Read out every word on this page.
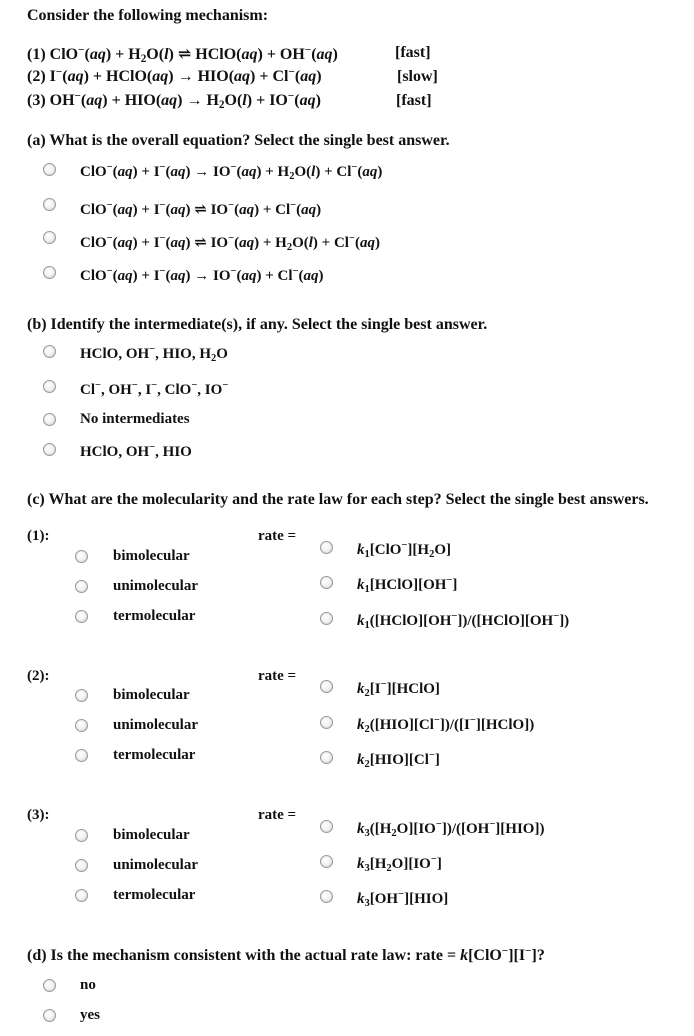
Consider the following mechanism:
(1) $ClO^-(aq) + H_2O(l)$ ⇌ HClO(aq) + OH−(aq)	[fast]
(2) I−(aq) + HClO(aq) → HIO(aq) + Cl−(aq)	[slow]
(3) $OH^-(aq) + HIO(aq) \to H_2O(l) + IO^-(aq)$	[fast]
(a) What is the overall equation? Select the single best answer.
$ClO^-(aq) + I^-(aq) \to IO^-(aq) + H_2O(l) + Cl^-(aq)$
ClO−(aq) + I−(aq) ⇌ IO−(aq) + Cl−(aq)
ClO−(aq) + I−(aq) ⇌ $IO^-(aq) + H_2O(l) + Cl^-(aq)$
ClO−(aq) + I−(aq) → IO−(aq) + Cl−(aq)
(b) Identify the intermediate(s), if any. Select the single best answer.
HClO, OH−, HIO, $H_2O$
Cl−, OH−, I−, ClO−, IO−
No intermediates
HClO, OH−, HIO
(c) What are the molecularity and the rate law for each step? Select the single best answers.
(1):	rate =
bimolecular
unimolecular
termolecular
$k_1[ClO^-][H_2O]$
$k_1[HClO][OH^-]$
$k_1([HClO][OH^-])/([HClO][OH^-])$
(2):	rate =
bimolecular
unimolecular
termolecular
$k_2[I^-][HClO]$
$k_2([HIO][Cl^-])/([I^-][HClO])$
$k_2[HIO][Cl^-]$
(3):	rate =
bimolecular
unimolecular
termolecular
$k_3([H_2O][IO^-])/([OH^-][HIO])$
$k_3[H_2O][IO^-]$
$k_3[OH^-][HIO]$
(d) Is the mechanism consistent with the actual rate law: rate = k[ClO−][I−]?
no
yes
